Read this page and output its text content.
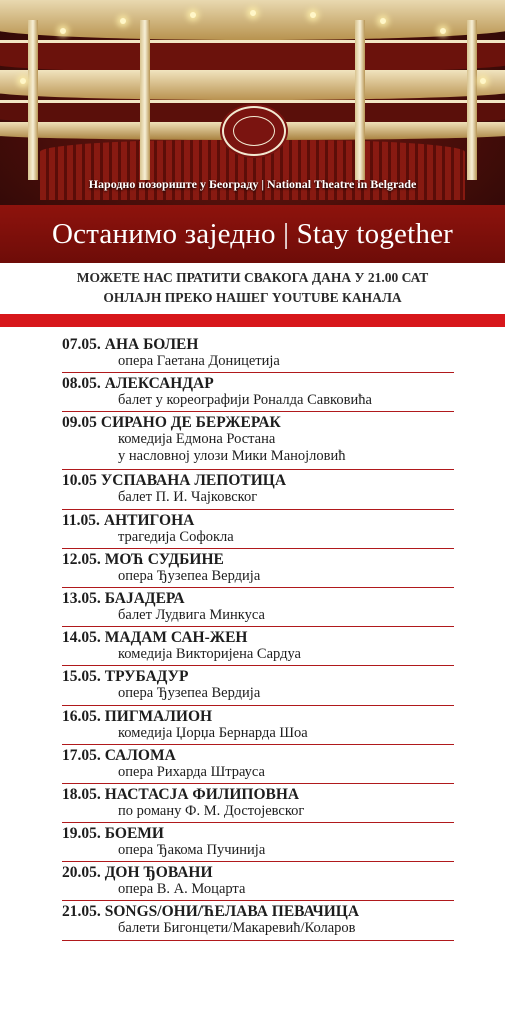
Народно позориште у Београду | National Theatre in Belgrade
Останимо заједно | Stay together
МОЖЕТЕ НАС ПРАТИТИ СВАКОГА ДАНА У 21.00 САТ
ОНЛАЈН ПРЕКО НАШЕГ YOUTUBE КАНАЛА
07.05. АНА БОЛЕН
опера Гаетана Доницетија
08.05. АЛЕКСАНДАР
балет у кореографији Роналда Савковића
09.05 СИРАНО ДЕ БЕРЖЕРАК
комедија Едмона Ростана
у насловној улози Мики Манојловић
10.05 УСПАВАНА ЛЕПОТИЦА
балет П. И. Чајковског
11.05. АНТИГОНА
трагедија Софокла
12.05. МОЋ СУДБИНЕ
опера Ђузепеа Вердија
13.05. БАЈАДЕРА
балет Лудвига Минкуса
14.05. МАДАМ САН-ЖЕН
комедија Викторијена Сардуа
15.05. ТРУБАДУР
опера Ђузепеа Вердија
16.05. ПИГМАЛИОН
комедија Џорџа Бернарда Шоа
17.05. САЛОМА
опера Рихарда Штрауса
18.05. НАСТАСЈА ФИЛИПОВНА
по роману Ф. М. Достојевског
19.05. БОЕМИ
опера Ђакома Пучинија
20.05. ДОН ЂОВАНИ
опера В. А. Моцарта
21.05. SONGS/ОНИ/ЋЕЛАВА ПЕВАЧИЦА
балети Бигонцети/Макаревић/Коларов
